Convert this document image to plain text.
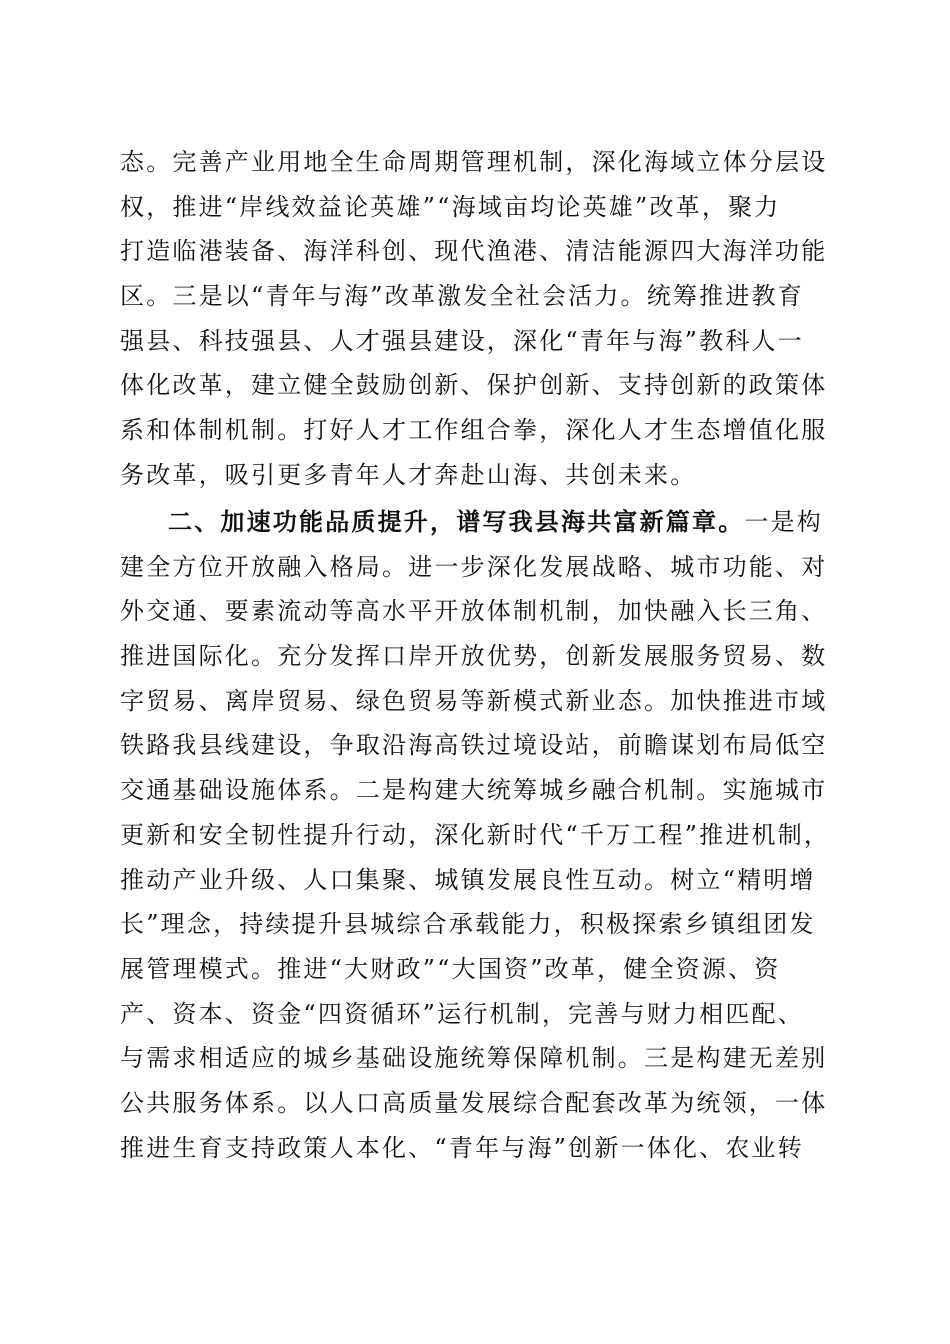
态。完善产业用地全生命周期管理机制，深化海域立体分层设
权，推进“岸线效益论英雄”“海域亩均论英雄”改革，聚力
打造临港装备、海洋科创、现代渔港、清洁能源四大海洋功能
区。三是以“青年与海”改革激发全社会活力。统筹推进教育
强县、科技强县、人才强县建设，深化“青年与海”教科人一
体化改革，建立健全鼓励创新、保护创新、支持创新的政策体
系和体制机制。打好人才工作组合拳，深化人才生态增值化服
务改革，吸引更多青年人才奔赴山海、共创未来。
二、加速功能品质提升，谱写我县海共富新篇章。一是构
建全方位开放融入格局。进一步深化发展战略、城市功能、对
外交通、要素流动等高水平开放体制机制，加快融入长三角、
推进国际化。充分发挥口岸开放优势，创新发展服务贸易、数
字贸易、离岸贸易、绿色贸易等新模式新业态。加快推进市域
铁路我县线建设，争取沿海高铁过境设站，前瞻谋划布局低空
交通基础设施体系。二是构建大统筹城乡融合机制。实施城市
更新和安全韧性提升行动，深化新时代“千万工程”推进机制，
推动产业升级、人口集聚、城镇发展良性互动。树立“精明增
长”理念，持续提升县城综合承载能力，积极探索乡镇组团发
展管理模式。推进“大财政”“大国资”改革，健全资源、资
产、资本、资金“四资循环”运行机制，完善与财力相匹配、
与需求相适应的城乡基础设施统筹保障机制。三是构建无差别
公共服务体系。以人口高质量发展综合配套改革为统领，一体
推进生育支持政策人本化、“青年与海”创新一体化、农业转
